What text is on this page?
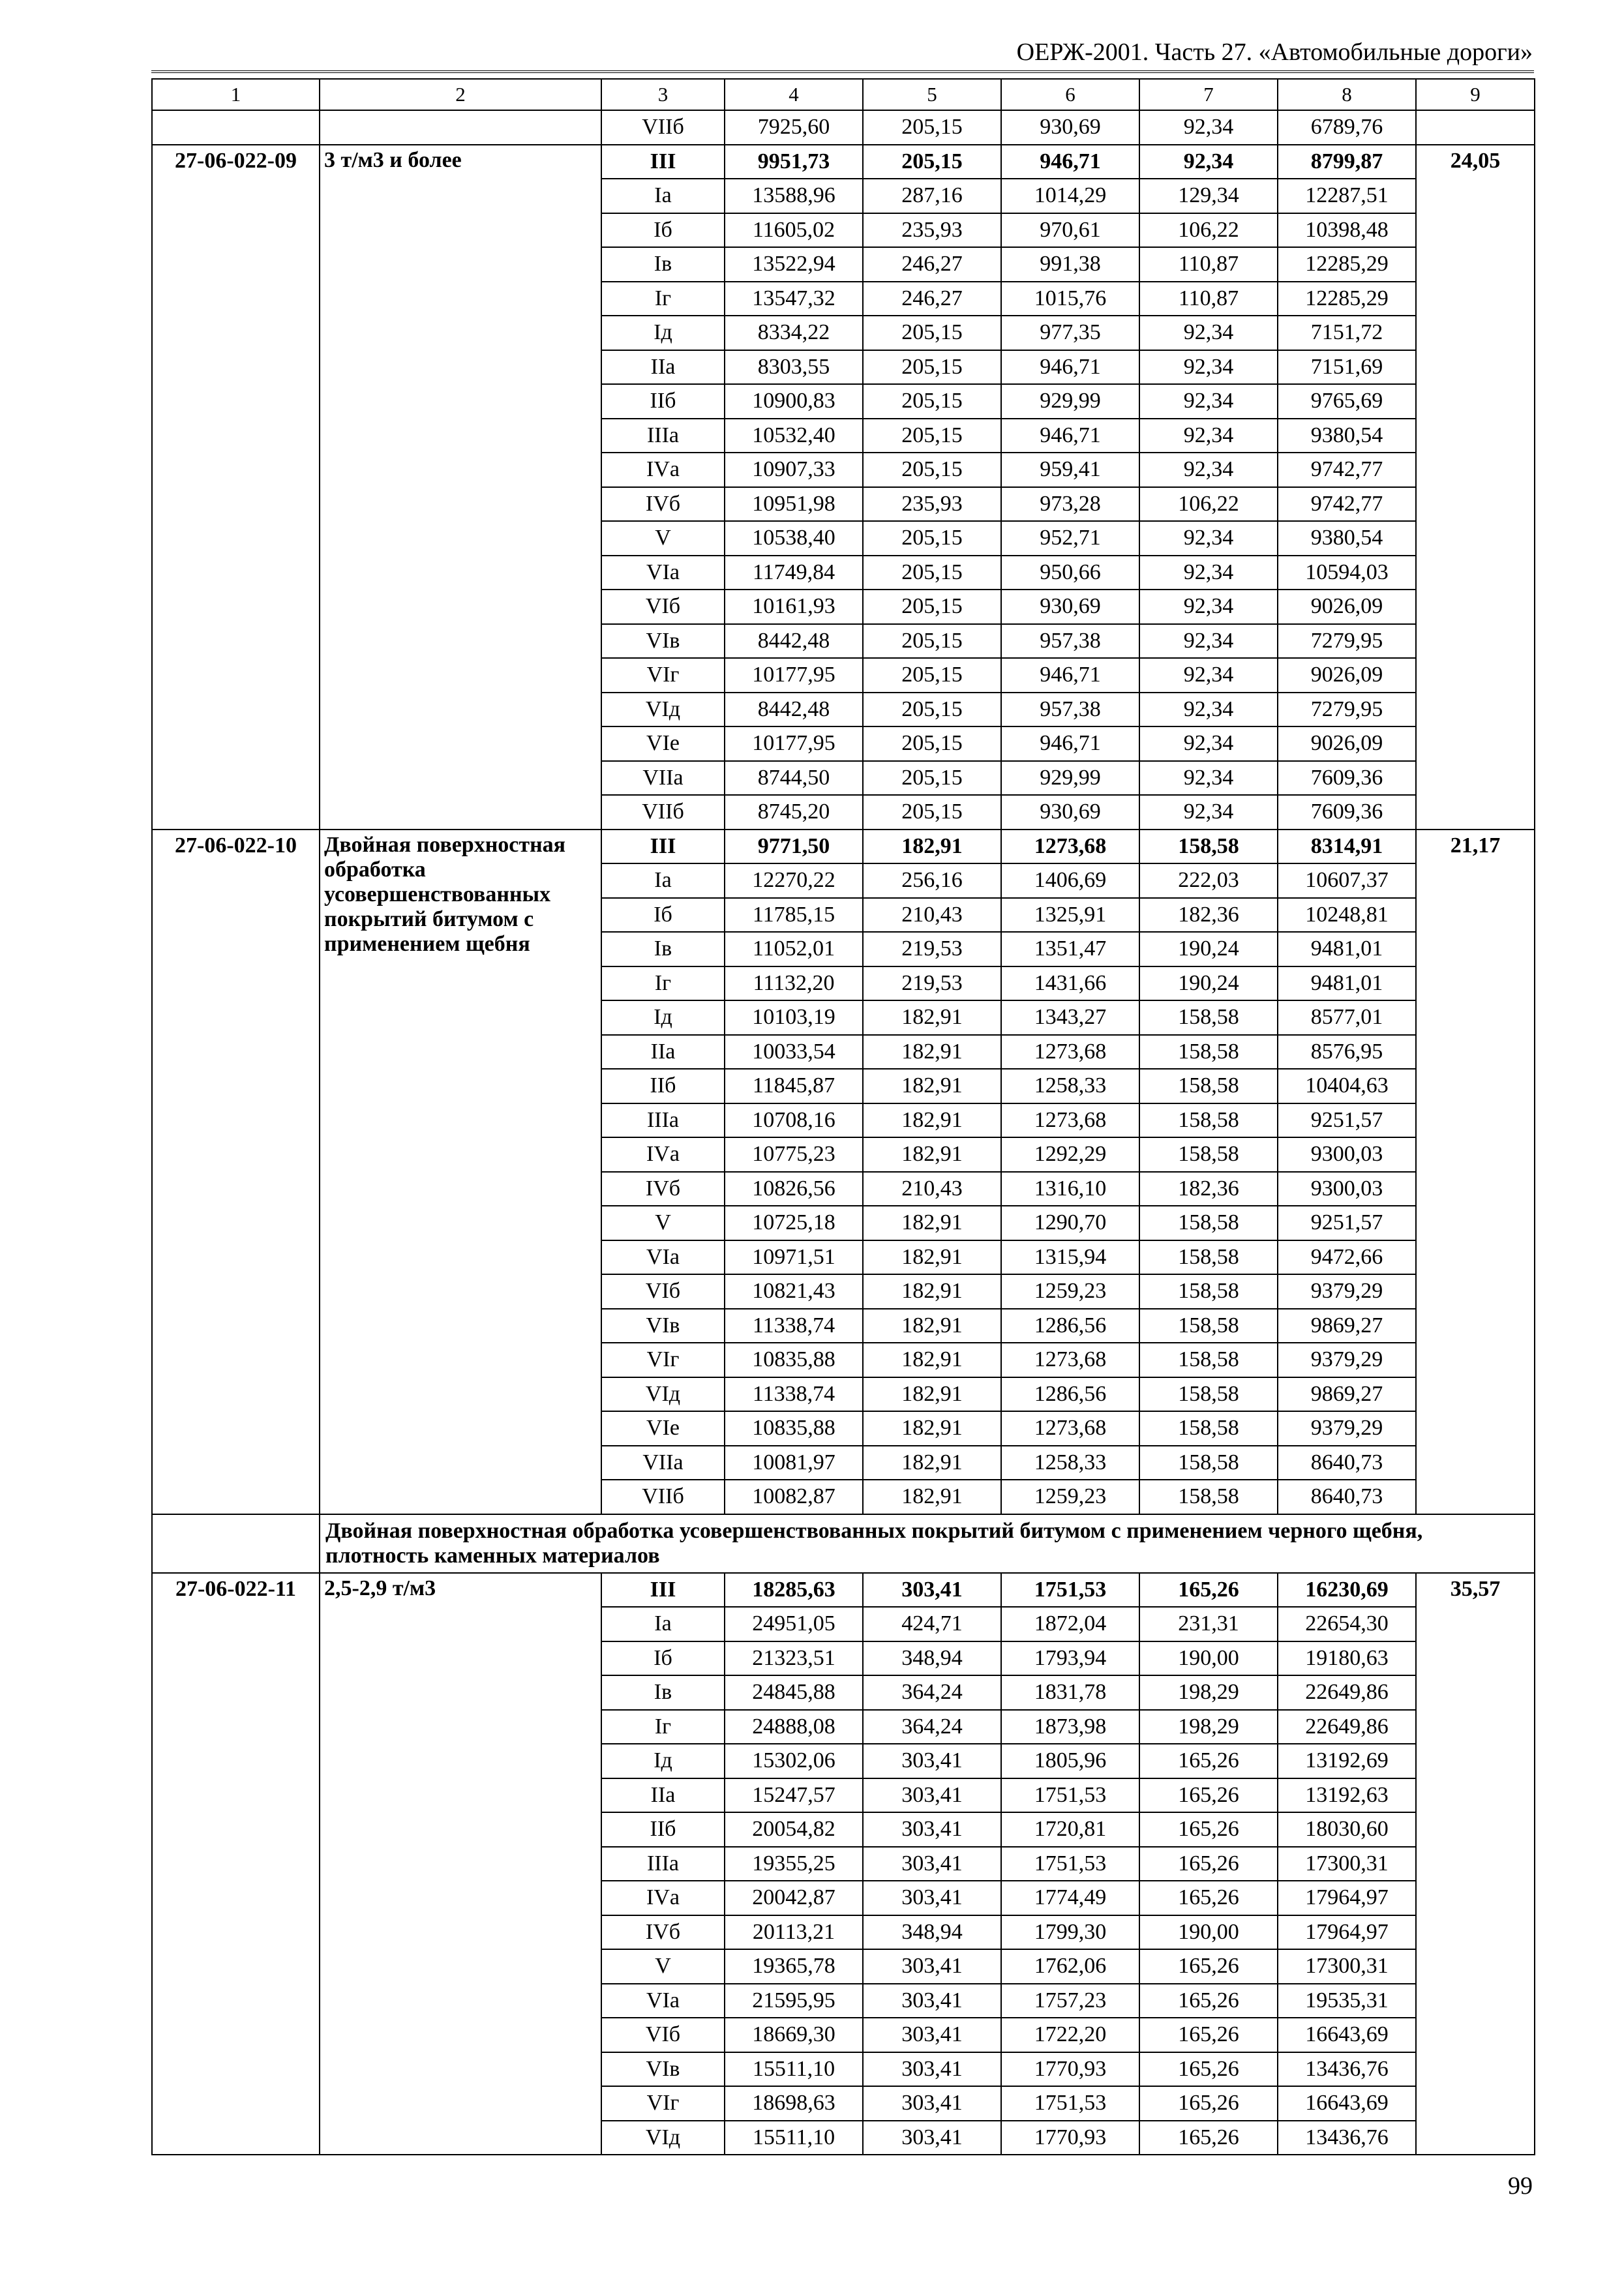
ОЕРЖ-2001. Часть 27. «Автомобильные дороги»
1	2	3	4	5	6	7	8	9
		VIIб	7925,60	205,15	930,69	92,34	6789,76	
27-06-022-09	3 т/м3 и более	III	9951,73	205,15	946,71	92,34	8799,87	24,05
		Iа	13588,96	287,16	1014,29	129,34	12287,51	
		Iб	11605,02	235,93	970,61	106,22	10398,48	
		Iв	13522,94	246,27	991,38	110,87	12285,29	
		Iг	13547,32	246,27	1015,76	110,87	12285,29	
		Iд	8334,22	205,15	977,35	92,34	7151,72	
		IIа	8303,55	205,15	946,71	92,34	7151,69	
		IIб	10900,83	205,15	929,99	92,34	9765,69	
		IIIа	10532,40	205,15	946,71	92,34	9380,54	
		IVа	10907,33	205,15	959,41	92,34	9742,77	
		IVб	10951,98	235,93	973,28	106,22	9742,77	
		V	10538,40	205,15	952,71	92,34	9380,54	
		VIа	11749,84	205,15	950,66	92,34	10594,03	
		VIб	10161,93	205,15	930,69	92,34	9026,09	
		VIв	8442,48	205,15	957,38	92,34	7279,95	
		VIг	10177,95	205,15	946,71	92,34	9026,09	
		VIд	8442,48	205,15	957,38	92,34	7279,95	
		VIе	10177,95	205,15	946,71	92,34	9026,09	
		VIIа	8744,50	205,15	929,99	92,34	7609,36	
		VIIб	8745,20	205,15	930,69	92,34	7609,36	
27-06-022-10	Двойная поверхностная обработка усовершенствованных покрытий битумом с применением щебня	III	9771,50	182,91	1273,68	158,58	8314,91	21,17
		Iа	12270,22	256,16	1406,69	222,03	10607,37	
		Iб	11785,15	210,43	1325,91	182,36	10248,81	
		Iв	11052,01	219,53	1351,47	190,24	9481,01	
		Iг	11132,20	219,53	1431,66	190,24	9481,01	
		Iд	10103,19	182,91	1343,27	158,58	8577,01	
		IIа	10033,54	182,91	1273,68	158,58	8576,95	
		IIб	11845,87	182,91	1258,33	158,58	10404,63	
		IIIа	10708,16	182,91	1273,68	158,58	9251,57	
		IVа	10775,23	182,91	1292,29	158,58	9300,03	
		IVб	10826,56	210,43	1316,10	182,36	9300,03	
		V	10725,18	182,91	1290,70	158,58	9251,57	
		VIа	10971,51	182,91	1315,94	158,58	9472,66	
		VIб	10821,43	182,91	1259,23	158,58	9379,29	
		VIв	11338,74	182,91	1286,56	158,58	9869,27	
		VIг	10835,88	182,91	1273,68	158,58	9379,29	
		VIд	11338,74	182,91	1286,56	158,58	9869,27	
		VIе	10835,88	182,91	1273,68	158,58	9379,29	
		VIIа	10081,97	182,91	1258,33	158,58	8640,73	
		VIIб	10082,87	182,91	1259,23	158,58	8640,73	
	Двойная поверхностная обработка усовершенствованных покрытий битумом с применением черного щебня, плотность каменных материалов							
27-06-022-11	2,5-2,9 т/м3	III	18285,63	303,41	1751,53	165,26	16230,69	35,57
		Iа	24951,05	424,71	1872,04	231,31	22654,30	
		Iб	21323,51	348,94	1793,94	190,00	19180,63	
		Iв	24845,88	364,24	1831,78	198,29	22649,86	
		Iг	24888,08	364,24	1873,98	198,29	22649,86	
		Iд	15302,06	303,41	1805,96	165,26	13192,69	
		IIа	15247,57	303,41	1751,53	165,26	13192,63	
		IIб	20054,82	303,41	1720,81	165,26	18030,60	
		IIIа	19355,25	303,41	1751,53	165,26	17300,31	
		IVа	20042,87	303,41	1774,49	165,26	17964,97	
		IVб	20113,21	348,94	1799,30	190,00	17964,97	
		V	19365,78	303,41	1762,06	165,26	17300,31	
		VIа	21595,95	303,41	1757,23	165,26	19535,31	
		VIб	18669,30	303,41	1722,20	165,26	16643,69	
		VIв	15511,10	303,41	1770,93	165,26	13436,76	
		VIг	18698,63	303,41	1751,53	165,26	16643,69	
		VIд	15511,10	303,41	1770,93	165,26	13436,76	
99
